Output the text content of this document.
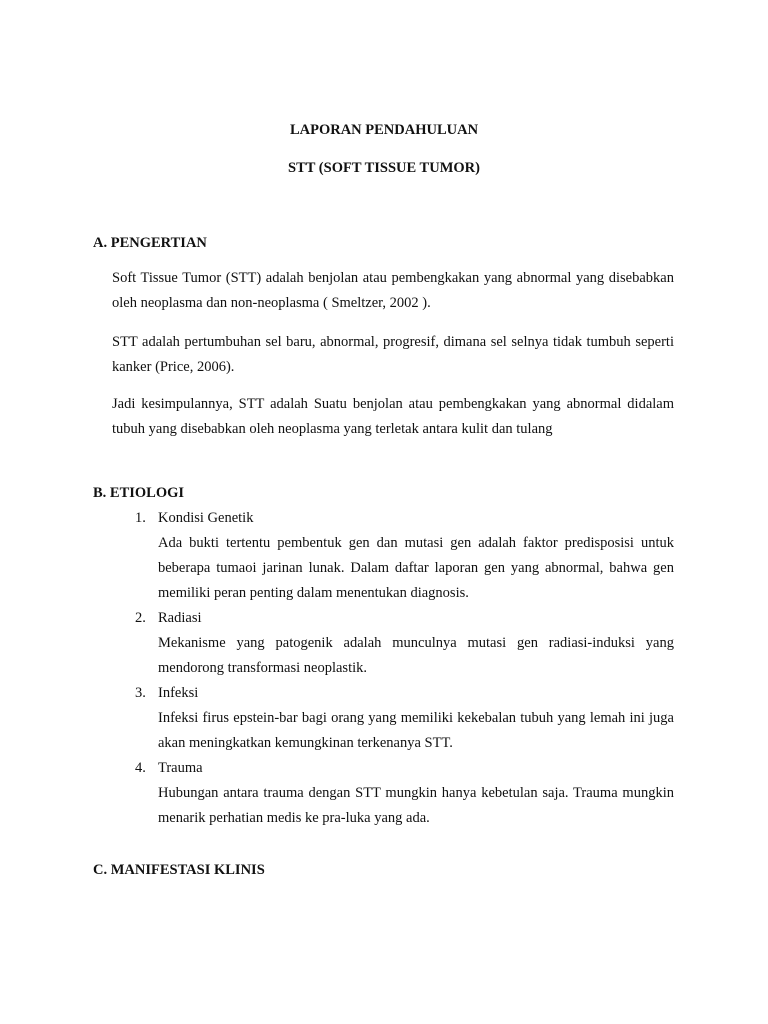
LAPORAN PENDAHULUAN
STT (SOFT TISSUE TUMOR)
A. PENGERTIAN

Soft Tissue Tumor (STT) adalah benjolan atau pembengkakan yang abnormal yang disebabkan oleh neoplasma dan non-neoplasma ( Smeltzer, 2002 ).

STT adalah pertumbuhan sel baru, abnormal, progresif, dimana sel selnya tidak tumbuh seperti kanker (Price, 2006).

Jadi kesimpulannya, STT adalah Suatu benjolan atau pembengkakan yang abnormal didalam tubuh yang disebabkan oleh neoplasma yang terletak antara kulit dan tulang

B. ETIOLOGI
1. Kondisi Genetik
Ada bukti tertentu pembentuk gen dan mutasi gen adalah faktor predisposisi untuk beberapa tumaoi jarinan lunak. Dalam daftar laporan gen yang abnormal, bahwa gen memiliki peran penting dalam menentukan diagnosis.
2. Radiasi
Mekanisme yang patogenik adalah munculnya mutasi gen radiasi-induksi yang mendorong transformasi neoplastik.
3. Infeksi
Infeksi firus epstein-bar bagi orang yang memiliki kekebalan tubuh yang lemah ini juga akan meningkatkan kemungkinan terkenanya STT.
4. Trauma
Hubungan antara trauma dengan STT mungkin hanya kebetulan saja. Trauma mungkin menarik perhatian medis ke pra-luka yang ada.
C. MANIFESTASI KLINIS
